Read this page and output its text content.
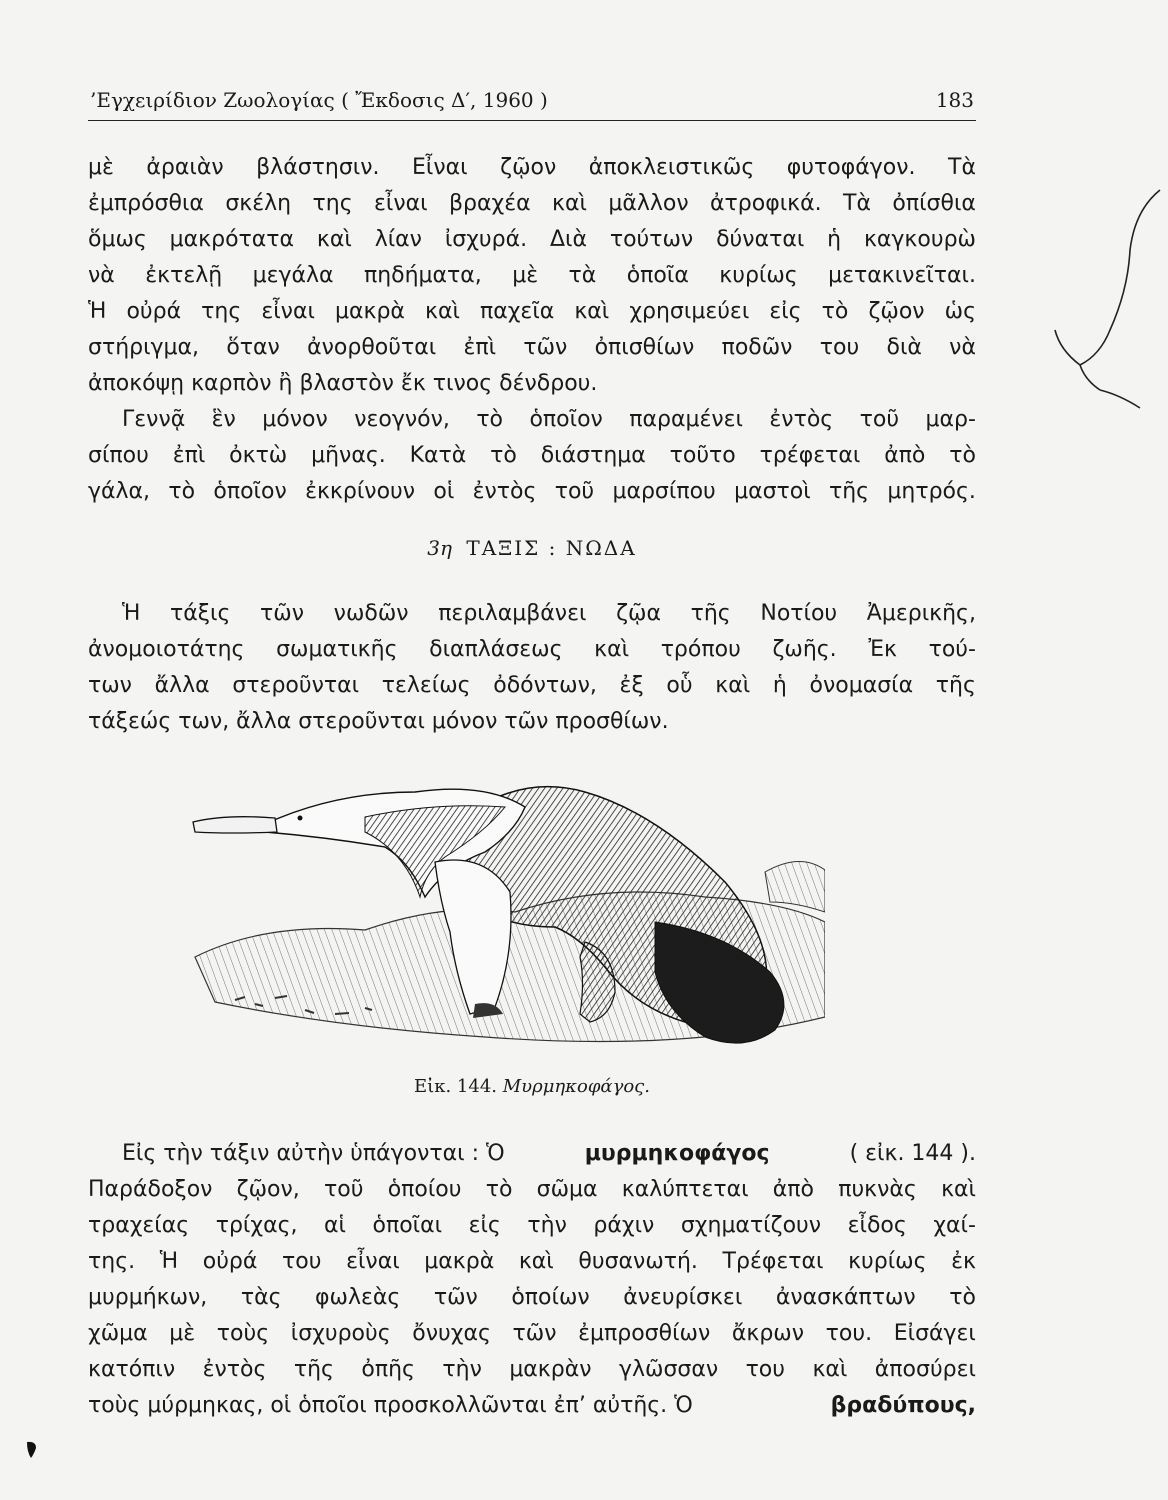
’Εγχειρίδιον Ζωολογίας ( Ἔκδοσις Δ′, 1960 )	183
μὲ ἀραιὰν βλάστησιν. Εἶναι ζῷον ἀποκλειστικῶς φυτοφάγον. Τὰ
ἐμπρόσθια σκέλη της εἶναι βραχέα καὶ μᾶλλον ἀτροφικά. Τὰ ὀπίσθια
ὅμως μακρότατα καὶ λίαν ἰσχυρά. Διὰ τούτων δύναται ἡ καγκουρὼ
νὰ ἐκτελῇ μεγάλα πηδήματα, μὲ τὰ ὁποῖα κυρίως μετακινεῖται.
Ἡ οὐρά της εἶναι μακρὰ καὶ παχεῖα καὶ χρησιμεύει εἰς τὸ ζῷον ὡς
στήριγμα, ὅταν ἀνορθοῦται ἐπὶ τῶν ὀπισθίων ποδῶν του διὰ νὰ
ἀποκόψῃ καρπὸν ἢ βλαστὸν ἔκ τινος δένδρου.
Γεννᾷ ἓν μόνον νεογνόν, τὸ ὁποῖον παραμένει ἐντὸς τοῦ μαρ-
σίπου ἐπὶ ὀκτὼ μῆνας. Κατὰ τὸ διάστημα τοῦτο τρέφεται ἀπὸ τὸ
γάλα, τὸ ὁποῖον ἐκκρίνουν οἱ ἐντὸς τοῦ μαρσίπου μαστοὶ τῆς μητρός.
3η ΤΑΞΙΣ : ΝΩΔΑ
Ἡ τάξις τῶν νωδῶν περιλαμβάνει ζῷα τῆς Νοτίου Ἀμερικῆς,
ἀνομοιοτάτης σωματικῆς διαπλάσεως καὶ τρόπου ζωῆς. Ἐκ τού-
των ἄλλα στεροῦνται τελείως ὀδόντων, ἐξ οὗ καὶ ἡ ὀνομασία τῆς
τάξεώς των, ἄλλα στεροῦνται μόνον τῶν προσθίων.
Εἰκ. 144. Μυρμηκοφάγος.
Εἰς τὴν τάξιν αὐτὴν ὑπάγονται : Ὁ	μυρμηκοφάγος	( εἰκ. 144 ).
Παράδοξον ζῷον, τοῦ ὁποίου τὸ σῶμα καλύπτεται ἀπὸ πυκνὰς καὶ
τραχείας τρίχας, αἱ ὁποῖαι εἰς τὴν ράχιν σχηματίζουν εἶδος χαί-
της. Ἡ οὐρά του εἶναι μακρὰ καὶ θυσανωτή. Τρέφεται κυρίως ἐκ
μυρμήκων, τὰς φωλεὰς τῶν ὁποίων ἀνευρίσκει ἀνασκάπτων τὸ
χῶμα μὲ τοὺς ἰσχυροὺς ὄνυχας τῶν ἐμπροσθίων ἄκρων του. Εἰσάγει
κατόπιν ἐντὸς τῆς ὀπῆς τὴν μακρὰν γλῶσσαν του καὶ ἀποσύρει
τοὺς μύρμηκας, οἱ ὁποῖοι προσκολλῶνται ἐπ’ αὐτῆς. Ὁ	βραδύπους,
